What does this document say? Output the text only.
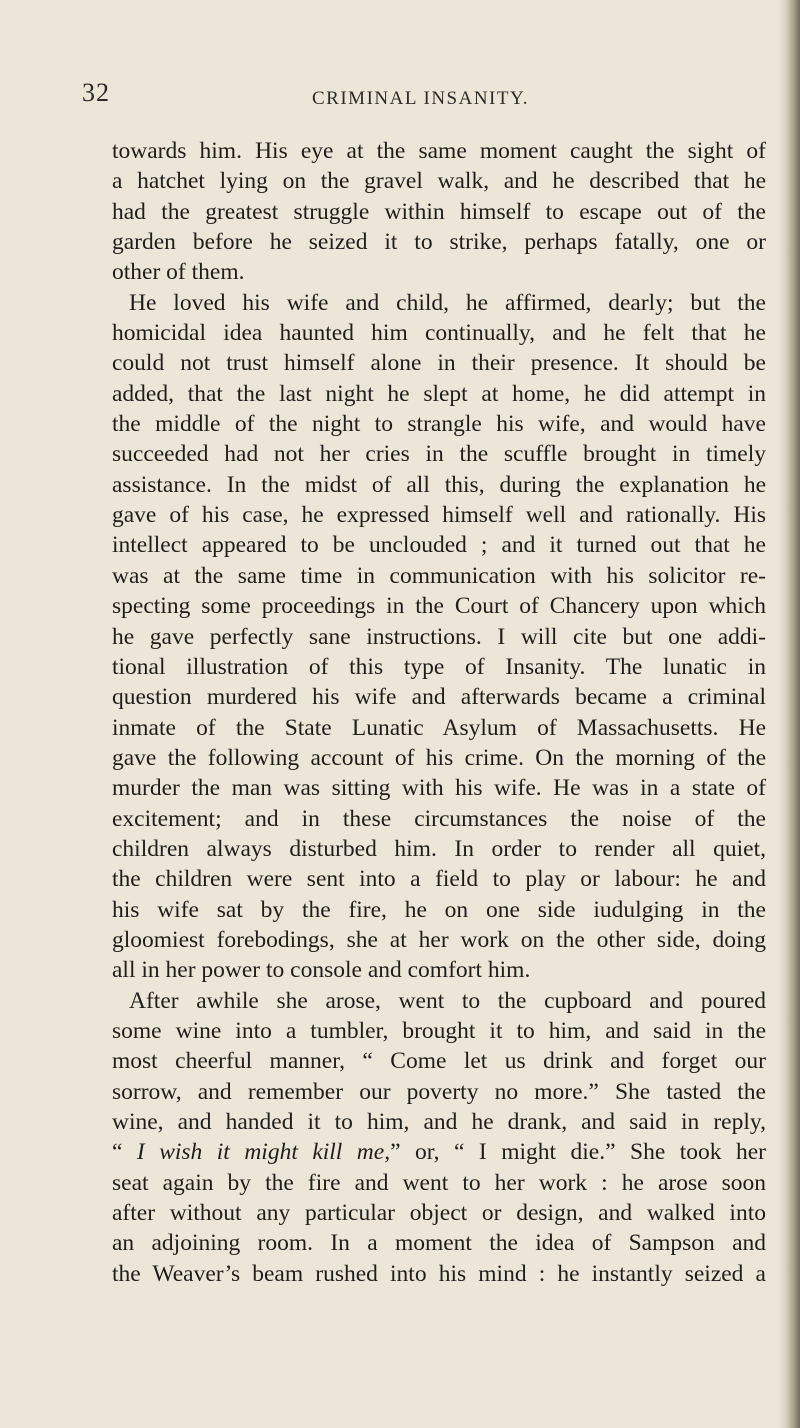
32	CRIMINAL INSANITY.
towards him. His eye at the same moment caught the sight of
a hatchet lying on the gravel walk, and he described that he
had the greatest struggle within himself to escape out of the
garden before he seized it to strike, perhaps fatally, one or
other of them.
He loved his wife and child, he affirmed, dearly; but the
homicidal idea haunted him continually, and he felt that he
could not trust himself alone in their presence. It should be
added, that the last night he slept at home, he did attempt in
the middle of the night to strangle his wife, and would have
succeeded had not her cries in the scuffle brought in timely
assistance. In the midst of all this, during the explanation he
gave of his case, he expressed himself well and rationally. His
intellect appeared to be unclouded ; and it turned out that he
was at the same time in communication with his solicitor re-
specting some proceedings in the Court of Chancery upon which
he gave perfectly sane instructions. I will cite but one addi-
tional illustration of this type of Insanity. The lunatic in
question murdered his wife and afterwards became a criminal
inmate of the State Lunatic Asylum of Massachusetts. He
gave the following account of his crime. On the morning of the
murder the man was sitting with his wife. He was in a state of
excitement; and in these circumstances the noise of the
children always disturbed him. In order to render all quiet,
the children were sent into a field to play or labour: he and
his wife sat by the fire, he on one side iudulging in the
gloomiest forebodings, she at her work on the other side, doing
all in her power to console and comfort him.
After awhile she arose, went to the cupboard and poured
some wine into a tumbler, brought it to him, and said in the
most cheerful manner, “ Come let us drink and forget our
sorrow, and remember our poverty no more.” She tasted the
wine, and handed it to him, and he drank, and said in reply,
“ I wish it might kill me,” or, “ I might die.” She took her
seat again by the fire and went to her work : he arose soon
after without any particular object or design, and walked into
an adjoining room. In a moment the idea of Sampson and
the Weaver’s beam rushed into his mind : he instantly seized a
